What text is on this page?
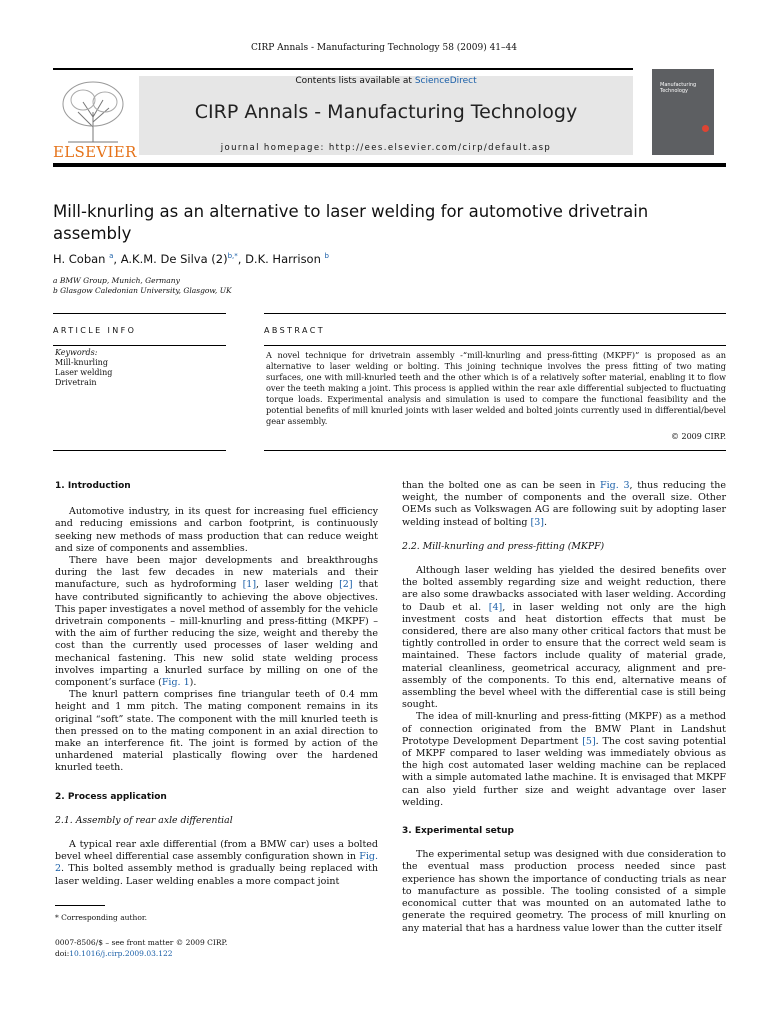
CIRP Annals - Manufacturing Technology 58 (2009) 41–44
ELSEVIER
Contents lists available at ScienceDirect
CIRP Annals - Manufacturing Technology
journal homepage: http://ees.elsevier.com/cirp/default.asp
Manufacturing Technology
Mill-knurling as an alternative to laser welding for automotive drivetrain assembly
H. Coban $^a$, A.K.M. De Silva $(2)^{b,*}$, D.K. Harrison $^b$
a BMW Group, Munich, Germany
b Glasgow Caledonian University, Glasgow, UK
ARTICLE INFO
Keywords:
Mill-knurling
Laser welding
Drivetrain
ABSTRACT
A novel technique for drivetrain assembly -“mill-knurling and press-fitting (MKPF)” is proposed as an alternative to laser welding or bolting. This joining technique involves the press fitting of two mating surfaces, one with mill-knurled teeth and the other which is of a relatively softer material, enabling it to flow over the teeth making a joint. This process is applied within the rear axle differential subjected to fluctuating torque loads. Experimental analysis and simulation is used to compare the functional feasibility and the potential benefits of mill knurled joints with laser welded and bolted joints currently used in differential/bevel gear assembly.
© 2009 CIRP.
1. Introduction

Automotive industry, in its quest for increasing fuel efficiency and reducing emissions and carbon footprint, is continuously seeking new methods of mass production that can reduce weight and size of components and assemblies.

There have been major developments and breakthroughs during the last few decades in new materials and their manufacture, such as hydroforming [1], laser welding [2] that have contributed significantly to achieving the above objectives. This paper investigates a novel method of assembly for the vehicle drivetrain components – mill-knurling and press-fitting (MKPF) – with the aim of further reducing the size, weight and thereby the cost than the currently used processes of laser welding and mechanical fastening. This new solid state welding process involves imparting a knurled surface by milling on one of the component’s surface (Fig. 1).

The knurl pattern comprises fine triangular teeth of 0.4 mm height and 1 mm pitch. The mating component remains in its original “soft” state. The component with the mill knurled teeth is then pressed on to the mating component in an axial direction to make an interference fit. The joint is formed by action of the unhardened material plastically flowing over the hardened knurled teeth.

2. Process application
2.1. Assembly of rear axle differential

A typical rear axle differential (from a BMW car) uses a bolted bevel wheel differential case assembly configuration shown in Fig. 2. This bolted assembly method is gradually being replaced with laser welding. Laser welding enables a more compact joint

than the bolted one as can be seen in Fig. 3, thus reducing the weight, the number of components and the overall size. Other OEMs such as Volkswagen AG are following suit by adopting laser welding instead of bolting [3].

2.2. Mill-knurling and press-fitting (MKPF)

Although laser welding has yielded the desired benefits over the bolted assembly regarding size and weight reduction, there are also some drawbacks associated with laser welding. According to Daub et al. [4], in laser welding not only are the high investment costs and heat distortion effects that must be considered, there are also many other critical factors that must be tightly controlled in order to ensure that the correct weld seam is maintained. These factors include quality of material grade, material cleanliness, geometrical accuracy, alignment and pre-assembly of the components. To this end, alternative means of assembling the bevel wheel with the differential case is still being sought.

The idea of mill-knurling and press-fitting (MKPF) as a method of connection originated from the BMW Plant in Landshut Prototype Development Department [5]. The cost saving potential of MKPF compared to laser welding was immediately obvious as the high cost automated laser welding machine can be replaced with a simple automated lathe machine. It is envisaged that MKPF can also yield further size and weight advantage over laser welding.

3. Experimental setup

The experimental setup was designed with due consideration to the eventual mass production process needed since past experience has shown the importance of conducting trials as near to manufacture as possible. The tooling consisted of a simple economical cutter that was mounted on an automated lathe to generate the required geometry. The process of mill knurling on any material that has a hardness value lower than the cutter itself

* Corresponding author.
0007-8506/$ – see front matter © 2009 CIRP.
doi:10.1016/j.cirp.2009.03.122
